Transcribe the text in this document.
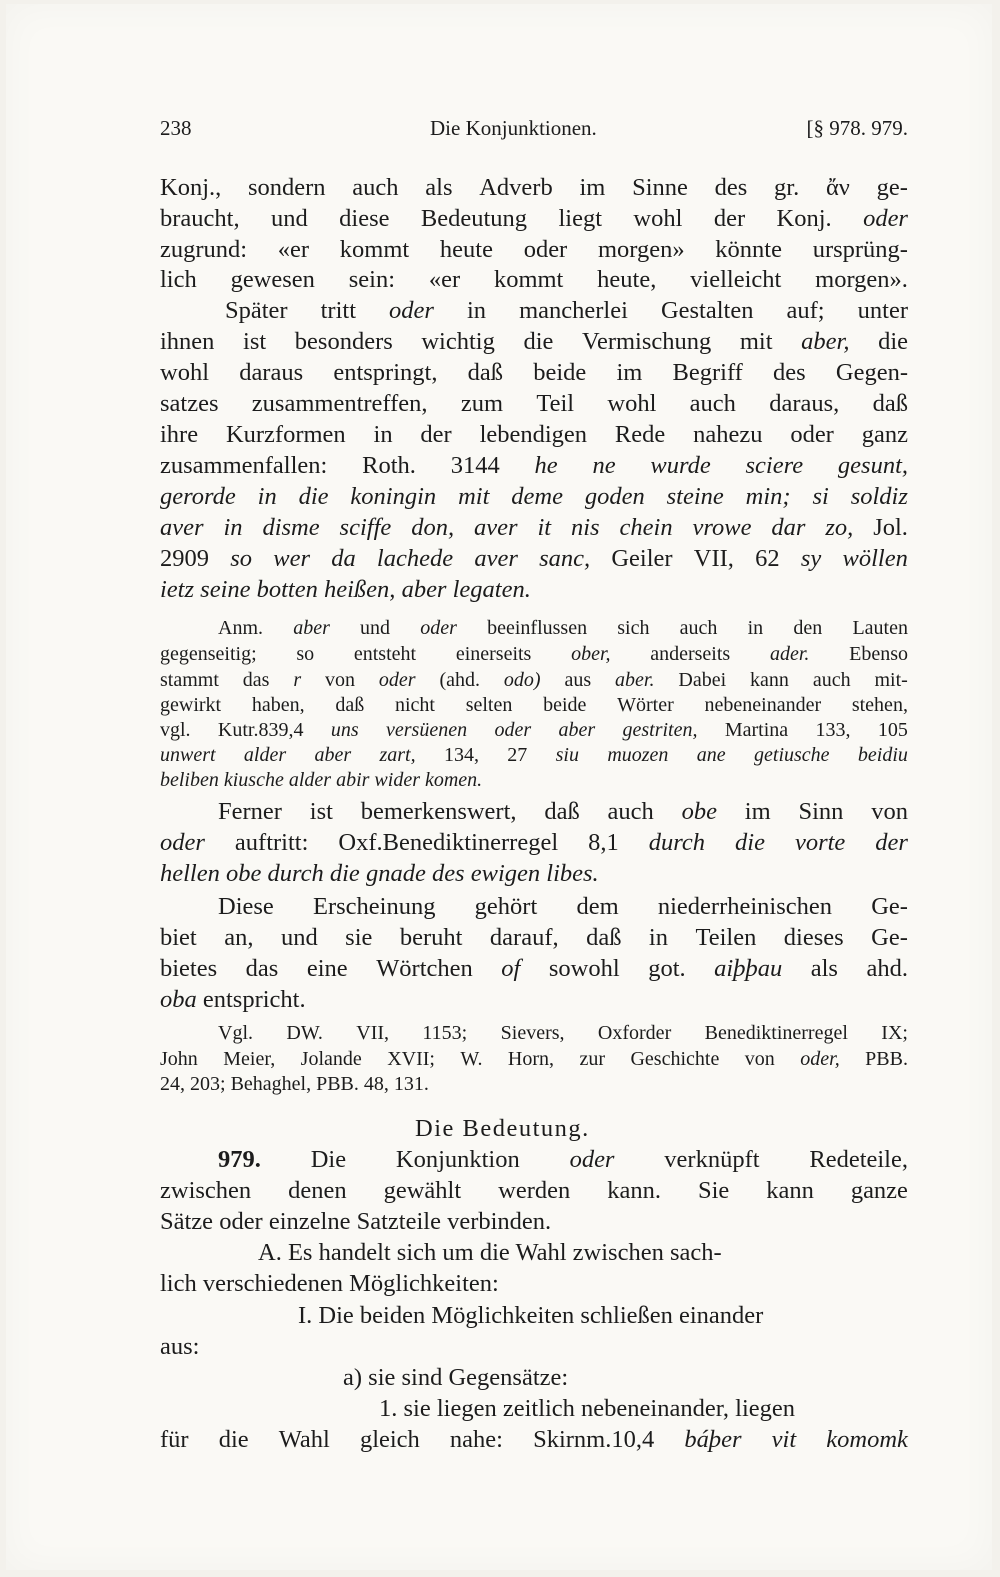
238	Die Konjunktionen.	[§ 978. 979.
Konj., sondern auch als Adverb im Sinne des gr. ἄν ge-
braucht, und diese Bedeutung liegt wohl der Konj. oder
zugrund: «er kommt heute oder morgen» könnte ursprüng-
lich gewesen sein: «er kommt heute, vielleicht morgen».
Später tritt oder in mancherlei Gestalten auf; unter
ihnen ist besonders wichtig die Vermischung mit aber, die
wohl daraus entspringt, daß beide im Begriff des Gegen-
satzes zusammentreffen, zum Teil wohl auch daraus, daß
ihre Kurzformen in der lebendigen Rede nahezu oder ganz
zusammenfallen: Roth. 3144 he ne wurde sciere gesunt,
gerorde in die koningin mit deme goden steine min; si soldiz
aver in disme sciffe don, aver it nis chein vrowe dar zo, Jol.
2909 so wer da lachede aver sanc, Geiler VII, 62 sy wöllen
ietz seine botten heißen, aber legaten.
Anm. aber und oder beeinflussen sich auch in den Lauten
gegenseitig; so entsteht einerseits ober, anderseits ader. Ebenso
stammt das r von oder (ahd. odo) aus aber. Dabei kann auch mit-
gewirkt haben, daß nicht selten beide Wörter nebeneinander stehen,
vgl. Kutr.839,4 uns versüenen oder aber gestriten, Martina 133, 105
unwert alder aber zart, 134, 27 siu muozen ane getiusche beidiu
beliben kiusche alder abir wider komen.
Ferner ist bemerkenswert, daß auch obe im Sinn von
oder auftritt: Oxf.Benediktinerregel 8,1 durch die vorte der
hellen obe durch die gnade des ewigen libes.
Diese Erscheinung gehört dem niederrheinischen Ge-
biet an, und sie beruht darauf, daß in Teilen dieses Ge-
bietes das eine Wörtchen of sowohl got. aiþþau als ahd.
oba entspricht.
Vgl. DW. VII, 1153; Sievers, Oxforder Benediktinerregel IX;
John Meier, Jolande XVII; W. Horn, zur Geschichte von oder, PBB.
24, 203; Behaghel, PBB. 48, 131.
Die Bedeutung.
979. Die Konjunktion oder verknüpft Redeteile,
zwischen denen gewählt werden kann. Sie kann ganze
Sätze oder einzelne Satzteile verbinden.
A. Es handelt sich um die Wahl zwischen sach-
lich verschiedenen Möglichkeiten:
I. Die beiden Möglichkeiten schließen einander
aus:
a) sie sind Gegensätze:
1. sie liegen zeitlich nebeneinander, liegen
für die Wahl gleich nahe: Skirnm.10,4 báþer vit komomk
